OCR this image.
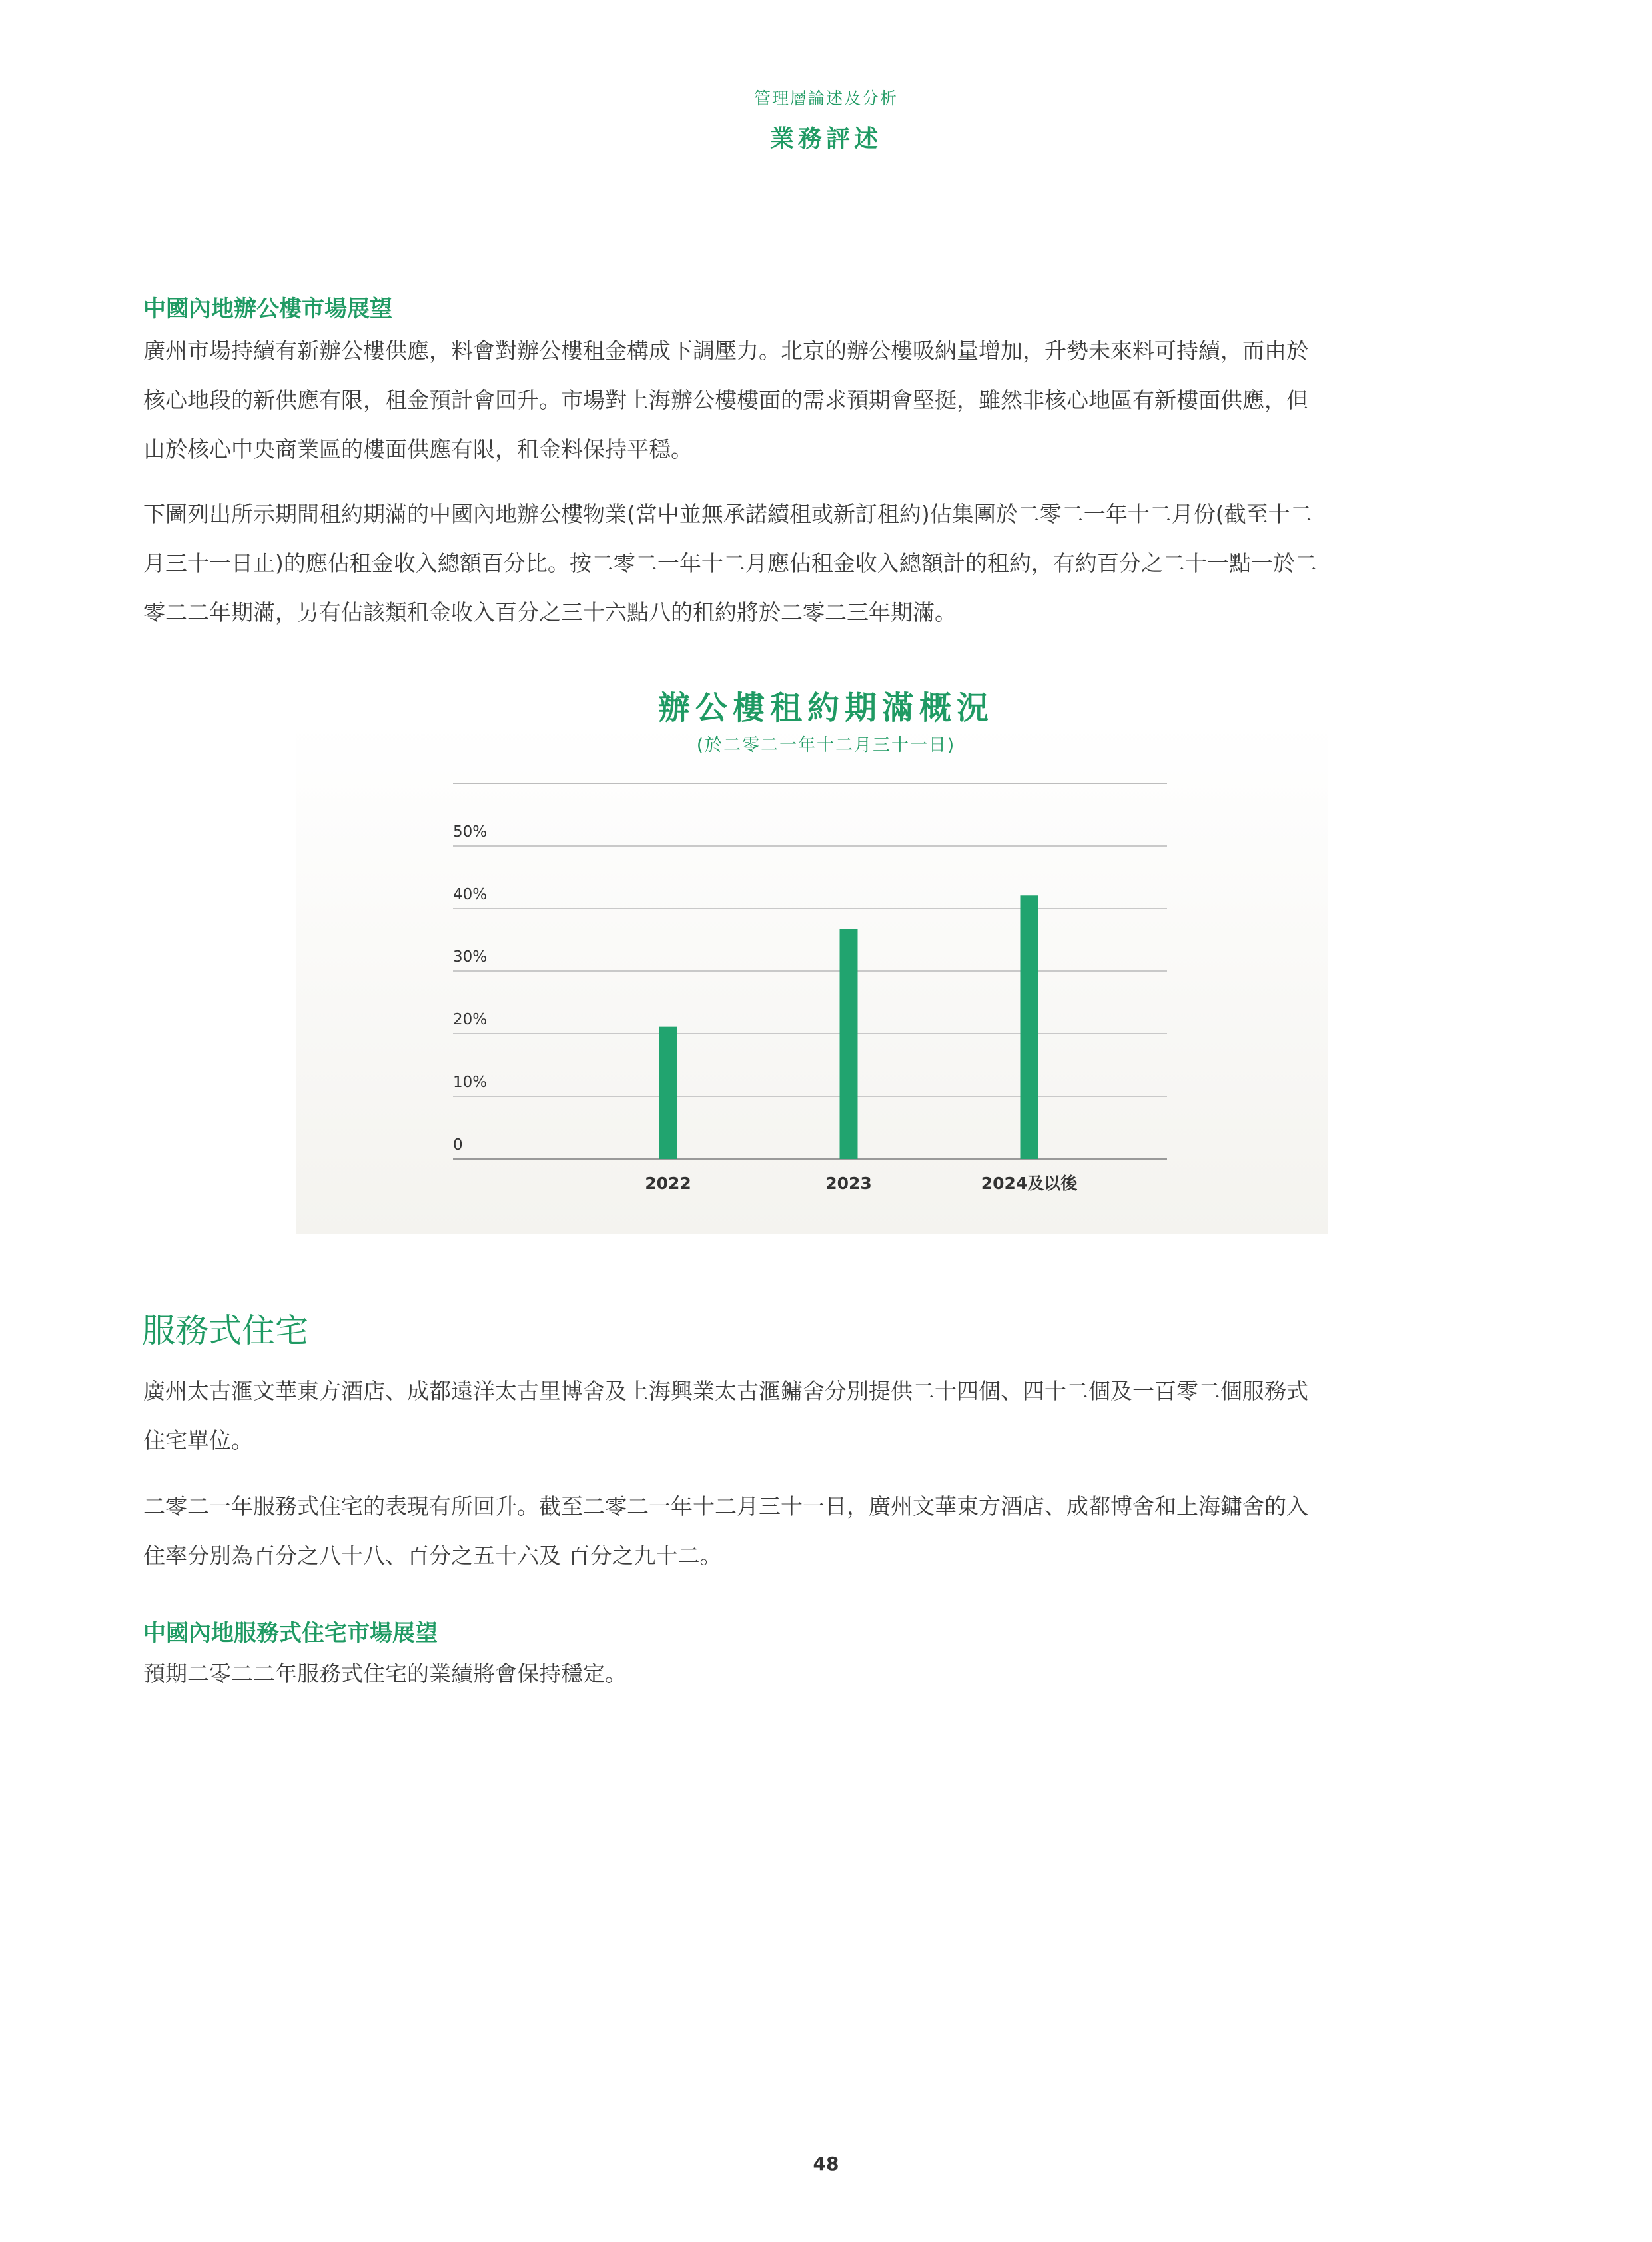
管理層論述及分析
業務評述
中國內地辦公樓市場展望
廣州市場持續有新辦公樓供應，料會對辦公樓租金構成下調壓力。北京的辦公樓吸納量增加，升勢未來料可持續，而由於
核心地段的新供應有限，租金預計會回升。市場對上海辦公樓樓面的需求預期會堅挺，雖然非核心地區有新樓面供應，但
由於核心中央商業區的樓面供應有限，租金料保持平穩。
下圖列出所示期間租約期滿的中國內地辦公樓物業(當中並無承諾續租或新訂租約)佔集團於二零二一年十二月份(截至十二
月三十一日止)的應佔租金收入總額百分比。按二零二一年十二月應佔租金收入總額計的租約，有約百分之二十一點一於二
零二二年期滿，另有佔該類租金收入百分之三十六點八的租約將於二零二三年期滿。
辦公樓租約期滿概況
(於二零二一年十二月三十一日)
0
10%
20%
30%
40%
50%
2022	2023	2024及以後
服務式住宅
廣州太古滙文華東方酒店、成都遠洋太古里博舍及上海興業太古滙鏞舍分別提供二十四個、四十二個及一百零二個服務式
住宅單位。
二零二一年服務式住宅的表現有所回升。截至二零二一年十二月三十一日，廣州文華東方酒店、成都博舍和上海鏞舍的入
住率分別為百分之八十八、百分之五十六及 百分之九十二。
中國內地服務式住宅市場展望
預期二零二二年服務式住宅的業績將會保持穩定。
48
